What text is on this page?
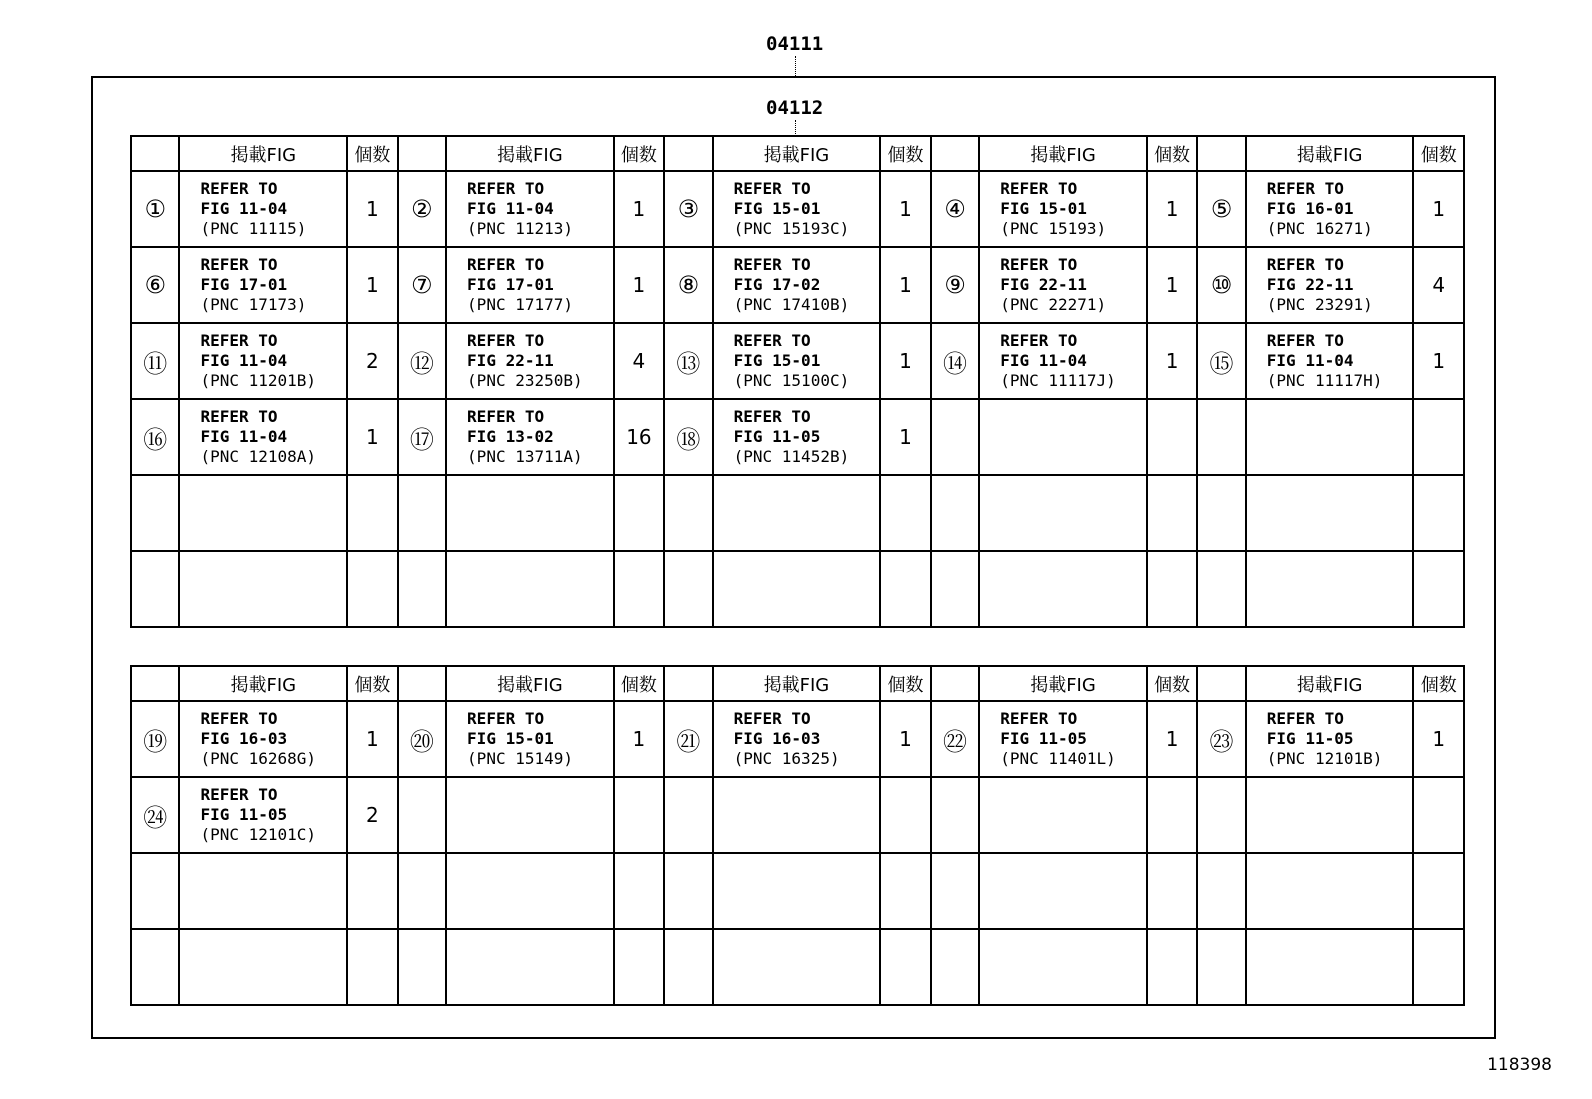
04111
04112
	掲載FIG	個数		掲載FIG	個数		掲載FIG	個数		掲載FIG	個数		掲載FIG	個数
①	REFER TO
FIG 11-04
(PNC 11115)	1	②	REFER TO
FIG 11-04
(PNC 11213)	1	③	REFER TO
FIG 15-01
(PNC 15193C)	1	④	REFER TO
FIG 15-01
(PNC 15193)	1	⑤	REFER TO
FIG 16-01
(PNC 16271)	1
⑥	REFER TO
FIG 17-01
(PNC 17173)	1	⑦	REFER TO
FIG 17-01
(PNC 17177)	1	⑧	REFER TO
FIG 17-02
(PNC 17410B)	1	⑨	REFER TO
FIG 22-11
(PNC 22271)	1	⑩	REFER TO
FIG 22-11
(PNC 23291)	4
⑪	REFER TO
FIG 11-04
(PNC 11201B)	2	⑫	REFER TO
FIG 22-11
(PNC 23250B)	4	⑬	REFER TO
FIG 15-01
(PNC 15100C)	1	⑭	REFER TO
FIG 11-04
(PNC 11117J)	1	⑮	REFER TO
FIG 11-04
(PNC 11117H)	1
⑯	REFER TO
FIG 11-04
(PNC 12108A)	1	⑰	REFER TO
FIG 13-02
(PNC 13711A)	16	⑱	REFER TO
FIG 11-05
(PNC 11452B)	1		

	掲載FIG	個数		掲載FIG	個数		掲載FIG	個数		掲載FIG	個数		掲載FIG	個数
⑲	REFER TO
FIG 16-03
(PNC 16268G)	1	⑳	REFER TO
FIG 15-01
(PNC 15149)	1	㉑	REFER TO
FIG 16-03
(PNC 16325)	1	㉒	REFER TO
FIG 11-05
(PNC 11401L)	1	㉓	REFER TO
FIG 11-05
(PNC 12101B)	1
㉔	REFER TO
FIG 11-05
(PNC 12101C)	2		

118398
